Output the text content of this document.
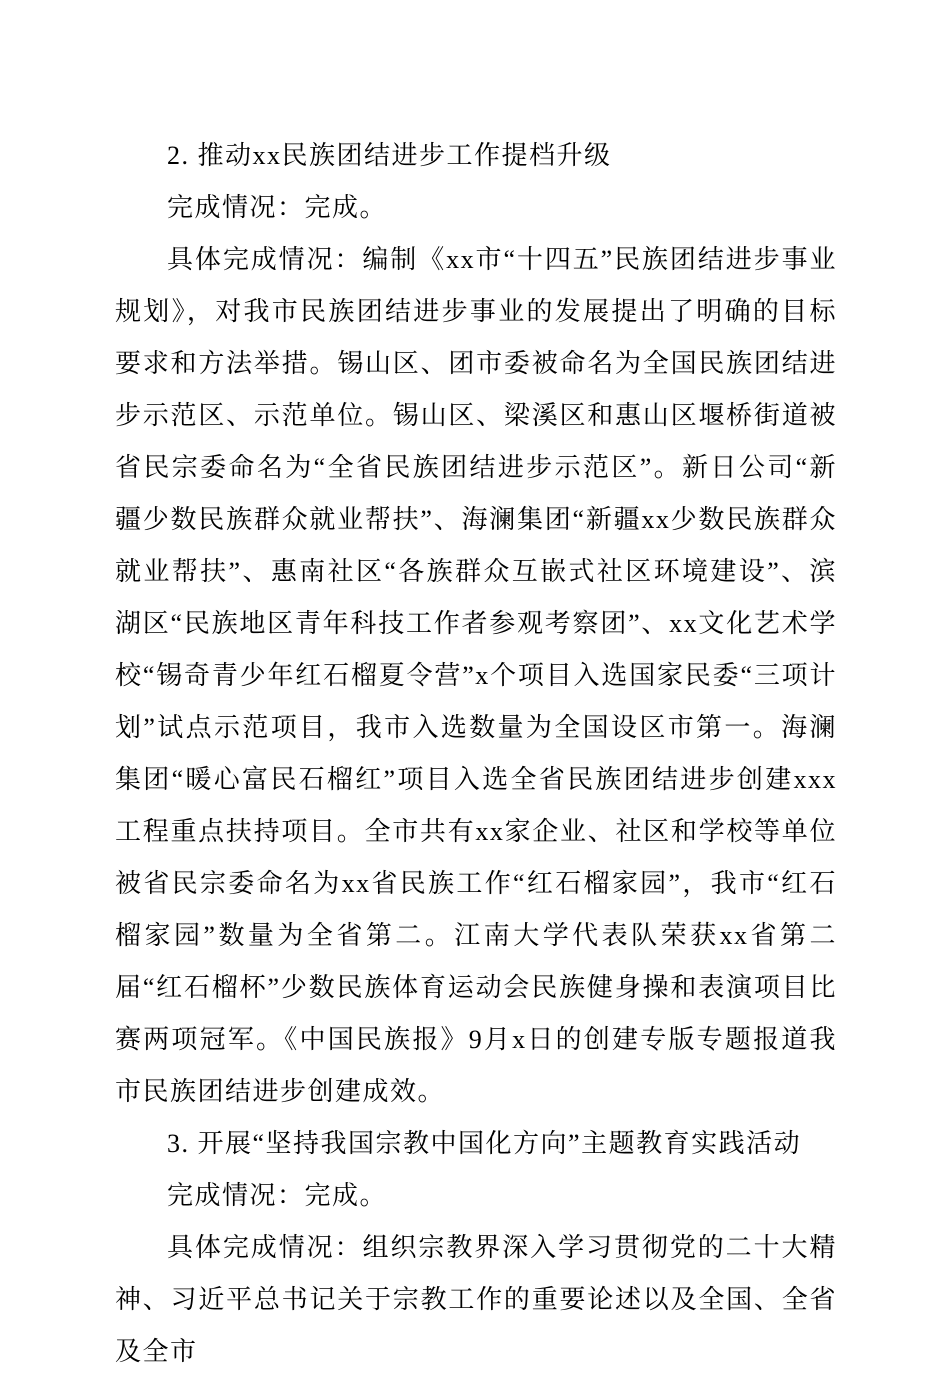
2. 推动xx民族团结进步工作提档升级

完成情况：完成。

具体完成情况：编制《xx市“十四五”民族团结进步事业规划》，对我市民族团结进步事业的发展提出了明确的目标要求和方法举措。锡山区、团市委被命名为全国民族团结进步示范区、示范单位。锡山区、梁溪区和惠山区堰桥街道被省民宗委命名为“全省民族团结进步示范区”。新日公司“新疆少数民族群众就业帮扶”、海澜集团“新疆xx少数民族群众就业帮扶”、惠南社区“各族群众互嵌式社区环境建设”、滨湖区“民族地区青年科技工作者参观考察团”、xx文化艺术学校“锡奇青少年红石榴夏令营”x个项目入选国家民委“三项计划”试点示范项目，我市入选数量为全国设区市第一。海澜集团“暖心富民石榴红”项目入选全省民族团结进步创建xxx工程重点扶持项目。全市共有xx家企业、社区和学校等单位被省民宗委命名为xx省民族工作“红石榴家园”，我市“红石榴家园”数量为全省第二。江南大学代表队荣获xx省第二届“红石榴杯”少数民族体育运动会民族健身操和表演项目比赛两项冠军。《中国民族报》9月x日的创建专版专题报道我市民族团结进步创建成效。

3. 开展“坚持我国宗教中国化方向”主题教育实践活动

完成情况：完成。

具体完成情况：组织宗教界深入学习贯彻党的二十大精神、习近平总书记关于宗教工作的重要论述以及全国、全省及全市
